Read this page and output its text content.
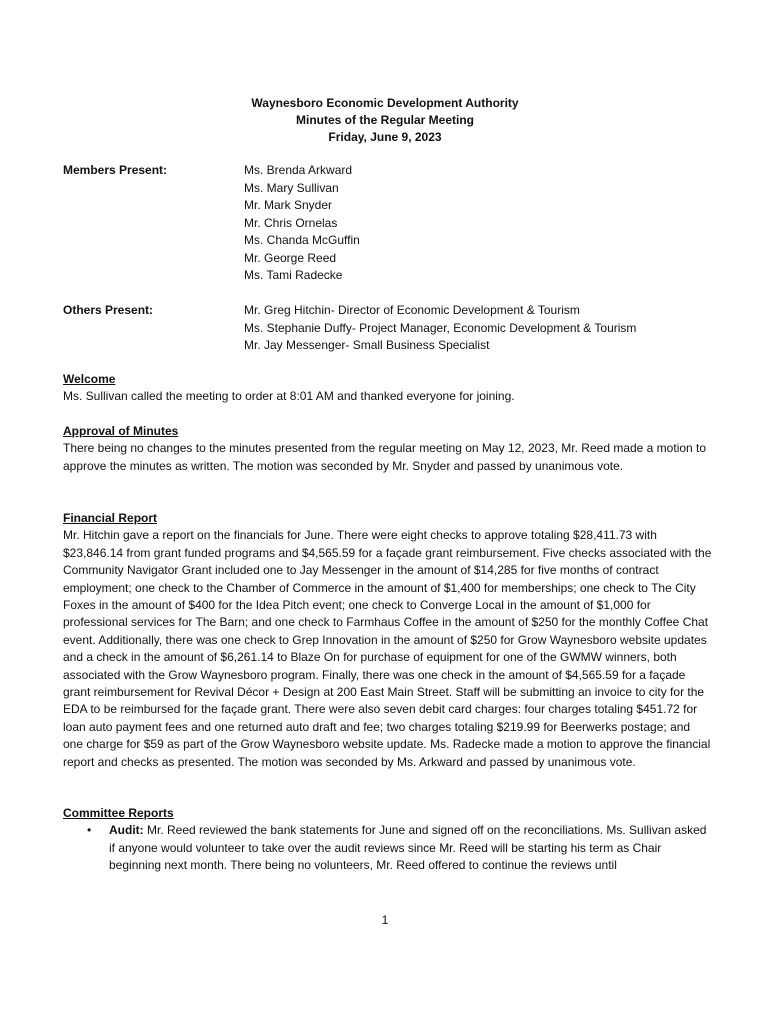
Waynesboro Economic Development Authority
Minutes of the Regular Meeting
Friday, June 9, 2023
Members Present:	Ms. Brenda Arkward
Ms. Mary Sullivan
Mr. Mark Snyder
Mr. Chris Ornelas
Ms. Chanda McGuffin
Mr. George Reed
Ms. Tami Radecke
Others Present:	Mr. Greg Hitchin- Director of Economic Development & Tourism
Ms. Stephanie Duffy- Project Manager, Economic Development & Tourism
Mr. Jay Messenger- Small Business Specialist
Welcome

Ms. Sullivan called the meeting to order at 8:01 AM and thanked everyone for joining.

Approval of Minutes

There being no changes to the minutes presented from the regular meeting on May 12, 2023, Mr. Reed made a motion to approve the minutes as written. The motion was seconded by Mr. Snyder and passed by unanimous vote.

Financial Report

Mr. Hitchin gave a report on the financials for June. There were eight checks to approve totaling $28,411.73 with $23,846.14 from grant funded programs and $4,565.59 for a façade grant reimbursement. Five checks associated with the Community Navigator Grant included one to Jay Messenger in the amount of $14,285 for five months of contract employment; one check to the Chamber of Commerce in the amount of $1,400 for memberships; one check to The City Foxes in the amount of $400 for the Idea Pitch event; one check to Converge Local in the amount of $1,000 for professional services for The Barn; and one check to Farmhaus Coffee in the amount of $250 for the monthly Coffee Chat event. Additionally, there was one check to Grep Innovation in the amount of $250 for Grow Waynesboro website updates and a check in the amount of $6,261.14 to Blaze On for purchase of equipment for one of the GWMW winners, both associated with the Grow Waynesboro program. Finally, there was one check in the amount of $4,565.59 for a façade grant reimbursement for Revival Décor + Design at 200 East Main Street. Staff will be submitting an invoice to city for the EDA to be reimbursed for the façade grant. There were also seven debit card charges: four charges totaling $451.72 for loan auto payment fees and one returned auto draft and fee; two charges totaling $219.99 for Beerwerks postage; and one charge for $59 as part of the Grow Waynesboro website update. Ms. Radecke made a motion to approve the financial report and checks as presented. The motion was seconded by Ms. Arkward and passed by unanimous vote.

Committee Reports
• Audit: Mr. Reed reviewed the bank statements for June and signed off on the reconciliations. Ms. Sullivan asked if anyone would volunteer to take over the audit reviews since Mr. Reed will be starting his term as Chair beginning next month. There being no volunteers, Mr. Reed offered to continue the reviews until
1
